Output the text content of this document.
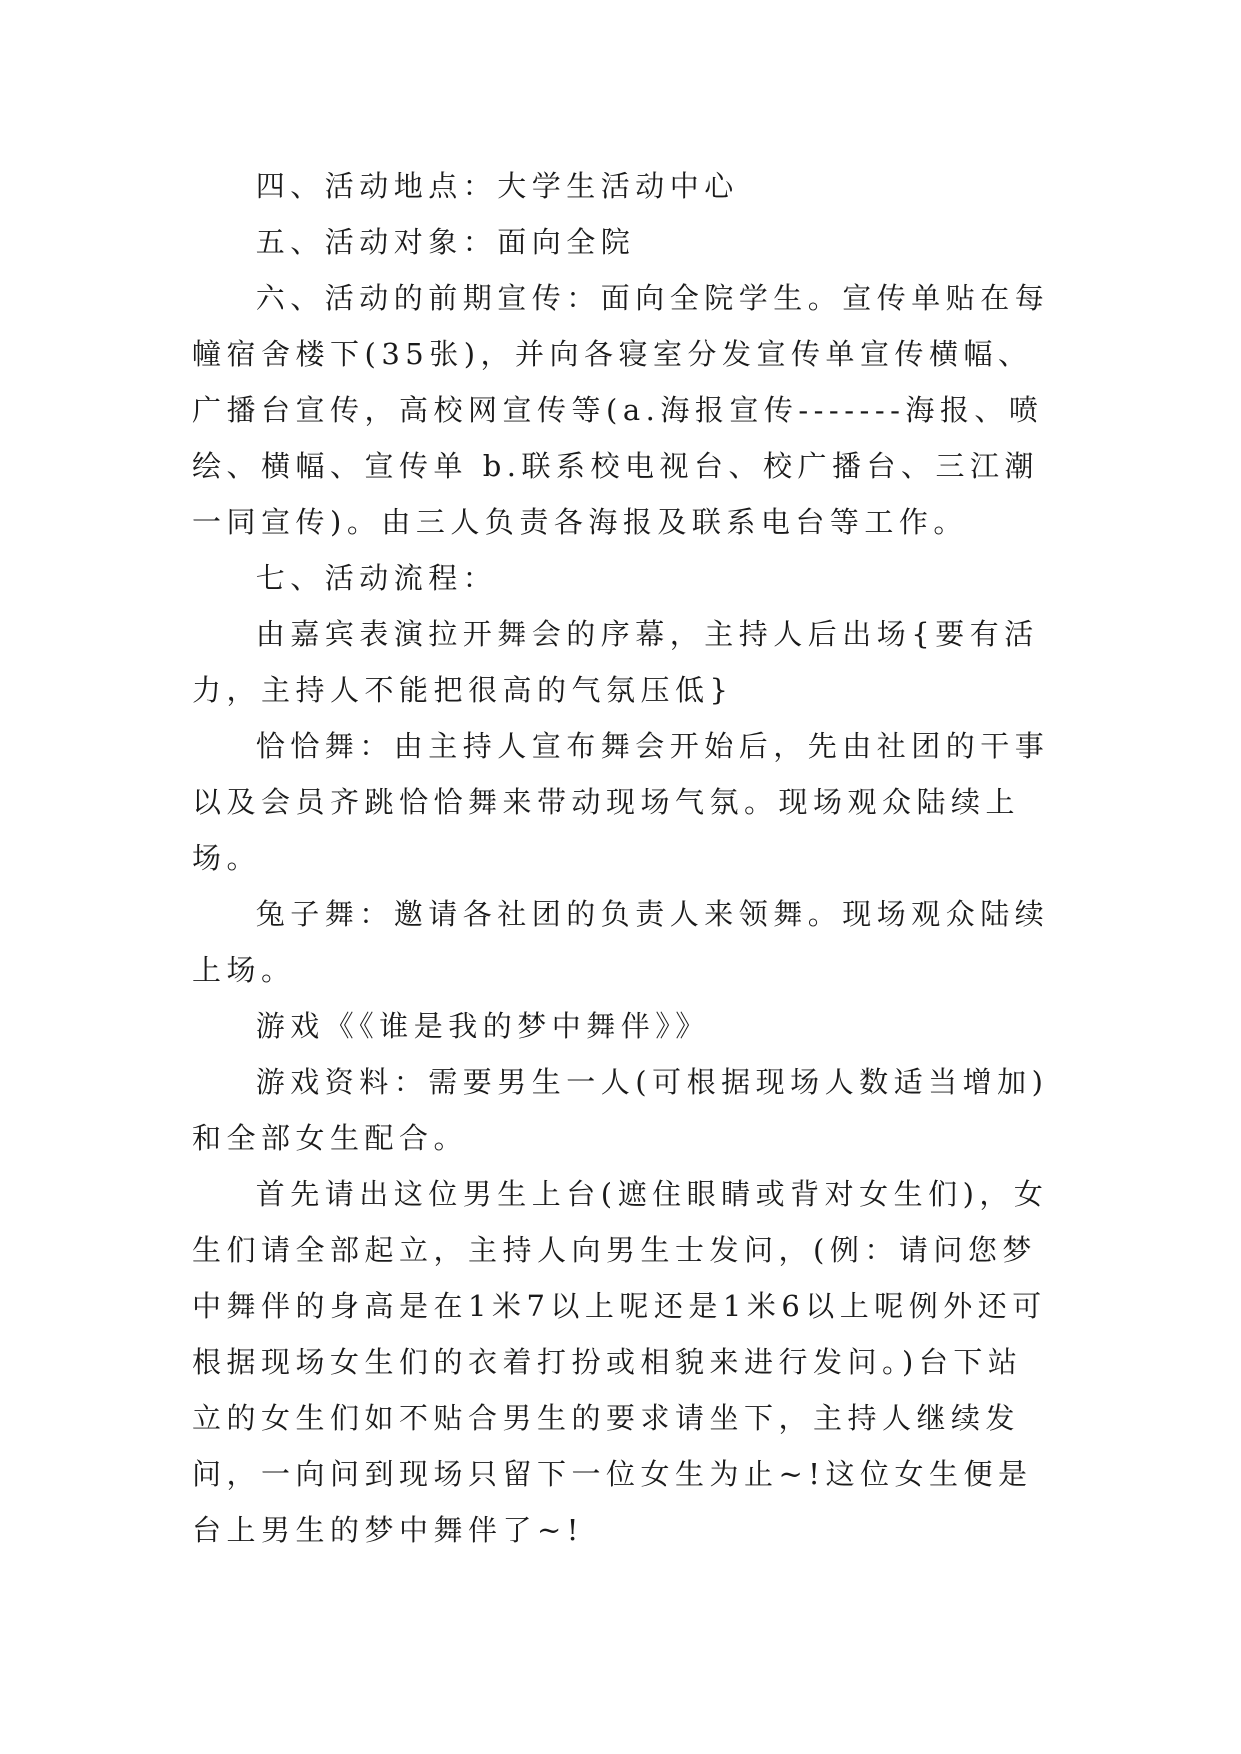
四、活动地点：大学生活动中心

五、活动对象：面向全院

六、活动的前期宣传：面向全院学生。宣传单贴在每幢宿舍楼下(35张)，并向各寝室分发宣传单宣传横幅、广播台宣传，高校网宣传等(a.海报宣传-------海报、喷绘、横幅、宣传单 b.联系校电视台、校广播台、三江潮一同宣传)。由三人负责各海报及联系电台等工作。

七、活动流程：

由嘉宾表演拉开舞会的序幕，主持人后出场{要有活力，主持人不能把很高的气氛压低}

恰恰舞：由主持人宣布舞会开始后，先由社团的干事以及会员齐跳恰恰舞来带动现场气氛。现场观众陆续上场。

兔子舞：邀请各社团的负责人来领舞。现场观众陆续上场。

游戏《《谁是我的梦中舞伴》》

游戏资料：需要男生一人(可根据现场人数适当增加)和全部女生配合。

首先请出这位男生上台(遮住眼睛或背对女生们)，女生们请全部起立，主持人向男生士发问，(例：请问您梦中舞伴的身高是在1米7以上呢还是1米6以上呢例外还可根据现场女生们的衣着打扮或相貌来进行发问。)台下站立的女生们如不贴合男生的要求请坐下，主持人继续发问，一向问到现场只留下一位女生为止~!这位女生便是台上男生的梦中舞伴了~!
